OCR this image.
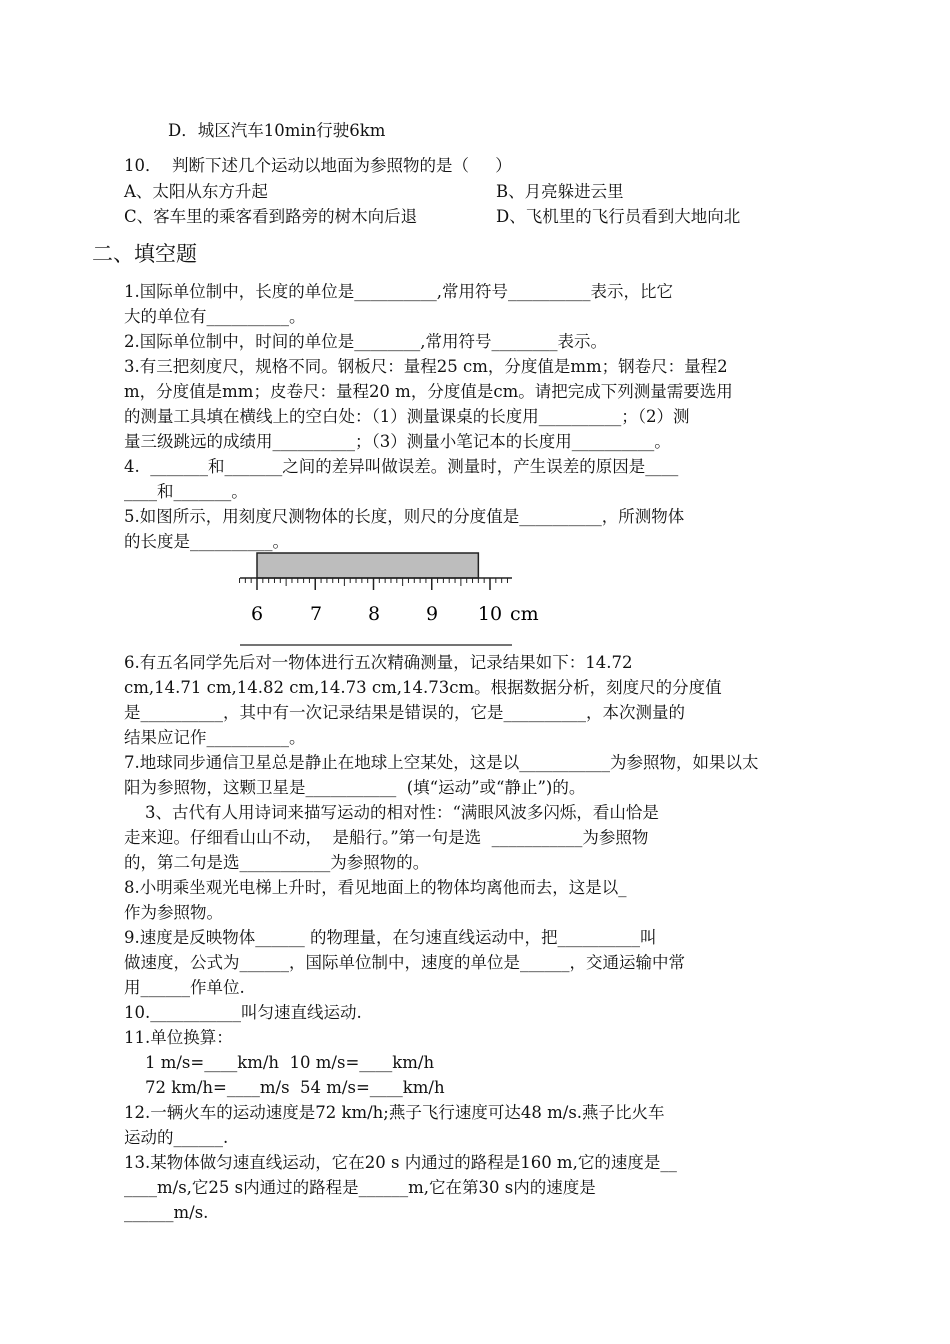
D．城区汽车10min行驶6km
10．  判断下述几个运动以地面为参照物的是（     ）
A、太阳从东方升起	B、月亮躲进云里
C、客车里的乘客看到路旁的树木向后退	D、飞机里的飞行员看到大地向北
二、填空题
1.国际单位制中，长度的单位是__________,常用符号__________表示，比它
大的单位有__________。
2.国际单位制中，时间的单位是________,常用符号________表示。
3.有三把刻度尺，规格不同。钢板尺：量程25 cm，分度值是mm；钢卷尺：量程2
m，分度值是mm；皮卷尺：量程20 m，分度值是cm。请把完成下列测量需要选用
的测量工具填在横线上的空白处：（1）测量课桌的长度用__________；（2）测
量三级跳远的成绩用__________；（3）测量小笔记本的长度用__________。
4.  _______和_______之间的差异叫做误差。测量时，产生误差的原因是____
____和_______。
5.如图所示，用刻度尺测物体的长度，则尺的分度值是__________，所测物体
的长度是__________。
6 7 8 9 10 cm
6.有五名同学先后对一物体进行五次精确测量，记录结果如下：14.72
cm,14.71 cm,14.82 cm,14.73 cm,14.73cm。根据数据分析，刻度尺的分度值
是__________，其中有一次记录结果是错误的，它是__________，本次测量的
结果应记作__________。
7.地球同步通信卫星总是静止在地球上空某处，这是以___________为参照物，如果以太
阳为参照物，这颗卫星是___________  (填“运动”或“静止”)的。
3、古代有人用诗词来描写运动的相对性：“满眼风波多闪烁，看山恰是
走来迎。仔细看山山不动，  是船行。”第一句是选  ___________为参照物
的，第二句是选___________为参照物的。
8.小明乘坐观光电梯上升时，看见地面上的物体均离他而去，这是以_
作为参照物。
9.速度是反映物体______ 的物理量，在匀速直线运动中，把__________叫
做速度，公式为______，国际单位制中，速度的单位是______，交通运输中常
用______作单位.
10.___________叫匀速直线运动.
11.单位换算：
1 m/s=____km/h  10 m/s=____km/h
72 km/h=____m/s  54 m/s=____km/h
12.一辆火车的运动速度是72 km/h;燕子飞行速度可达48 m/s.燕子比火车
运动的______.
13.某物体做匀速直线运动，它在20 s 内通过的路程是160 m,它的速度是__
____m/s,它25 s内通过的路程是______m,它在第30 s内的速度是
______m/s.
